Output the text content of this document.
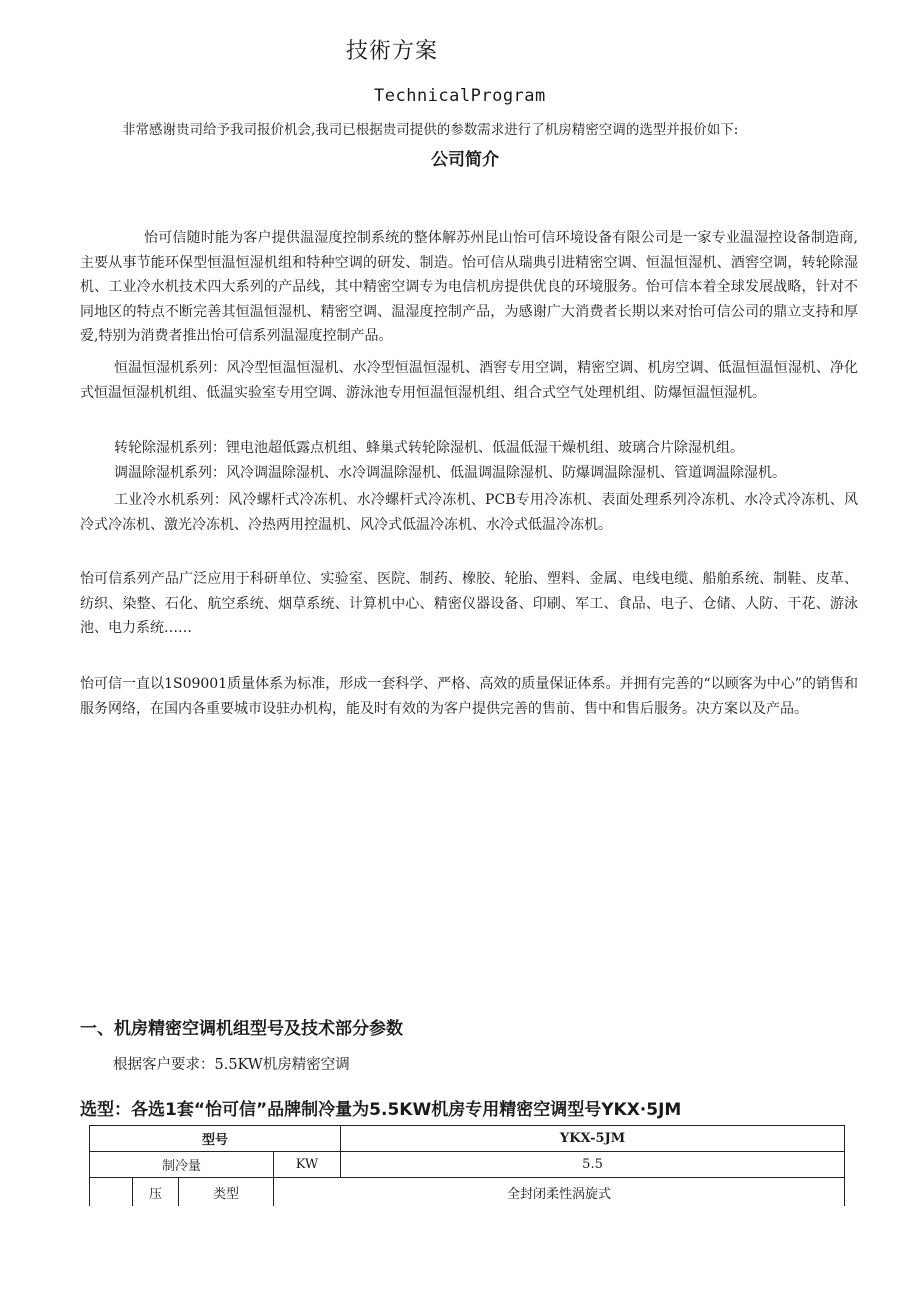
技術方案
TechnicalProgram
非常感谢贵司给予我司报价机会,我司已根据贵司提供的参数需求进行了机房精密空调的选型并报价如下:
公司简介
怡可信随时能为客户提供温湿度控制系统的整体解苏州昆山怡可信环境设备有限公司是一家专业温湿控设备制造商,主要从事节能环保型恒温恒湿机组和特种空调的研发、制造。怡可信从瑞典引进精密空调、恒温恒湿机、酒窖空调，转轮除湿机、工业冷水机技术四大系列的产品线，其中精密空调专为电信机房提供优良的环境服务。怡可信本着全球发展战略，针对不同地区的特点不断完善其恒温恒湿机、精密空调、温湿度控制产品，为感谢广大消费者长期以来对怡可信公司的鼎立支持和厚爱,特别为消费者推出怡可信系列温湿度控制产品。
恒温恒湿机系列：风冷型恒温恒湿机、水冷型恒温恒湿机、酒窖专用空调，精密空调、机房空调、低温恒温恒湿机、净化式恒温恒湿机机组、低温实验室专用空调、游泳池专用恒温恒湿机组、组合式空气处理机组、防爆恒温恒湿机。
转轮除湿机系列：锂电池超低露点机组、蜂巢式转轮除湿机、低温低湿干燥机组、玻璃合片除湿机组。
调温除湿机系列：风冷调温除湿机、水冷调温除湿机、低温调温除湿机、防爆调温除湿机、管道调温除湿机。
工业冷水机系列：风冷螺杆式冷冻机、水冷螺杆式冷冻机、PCB专用冷冻机、表面处理系列冷冻机、水冷式冷冻机、风冷式冷冻机、激光冷冻机、冷热两用控温机、风冷式低温冷冻机、水冷式低温冷冻机。
怡可信系列产品广泛应用于科研单位、实验室、医院、制药、橡胶、轮胎、塑料、金属、电线电缆、船舶系统、制鞋、皮革、纺织、染整、石化、航空系统、烟草系统、计算机中心、精密仪器设备、印刷、军工、食品、电子、仓储、人防、干花、游泳池、电力系统……
怡可信一直以1S09001质量体系为标准，形成一套科学、严格、高效的质量保证体系。并拥有完善的“以顾客为中心”的销售和服务网络，在国内各重要城市设驻办机构，能及时有效的为客户提供完善的售前、售中和售后服务。决方案以及产品。
一、机房精密空调机组型号及技术部分参数
根据客户要求：5.5KW机房精密空调
选型：各选1套“怡可信”品牌制冷量为5.5KW机房专用精密空调型号YKX·5JM
型号				YKX-5JM
制冷量			KW	5.5
	压	类型	全封闭柔性涡旋式	
